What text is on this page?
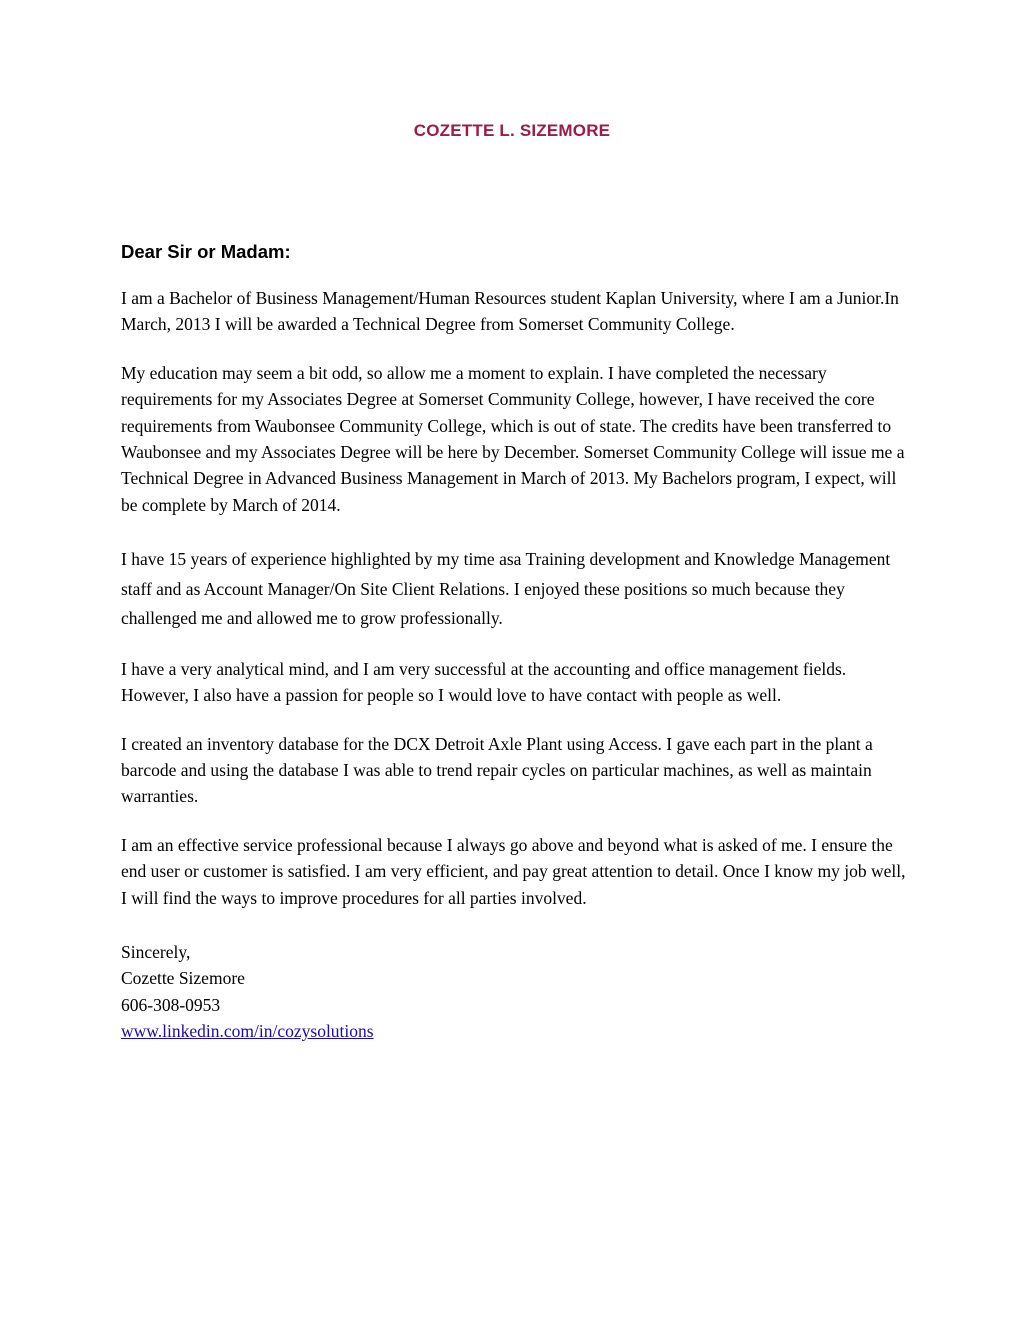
COZETTE L. SIZEMORE

Dear Sir or Madam:

I am a Bachelor of Business Management/Human Resources student Kaplan University, where I am a Junior.In March, 2013 I will be awarded a Technical Degree from Somerset Community College.

My education may seem a bit odd, so allow me a moment to explain. I have completed the necessary requirements for my Associates Degree at Somerset Community College, however, I have received the core requirements from Waubonsee Community College, which is out of state. The credits have been transferred to Waubonsee and my Associates Degree will be here by December. Somerset Community College will issue me a Technical Degree in Advanced Business Management in March of 2013. My Bachelors program, I expect, will be complete by March of 2014.

I have 15 years of experience highlighted by my time asa Training development and Knowledge Management staff and as Account Manager/On Site Client Relations. I enjoyed these positions so much because they challenged me and allowed me to grow professionally.

I have a very analytical mind, and I am very successful at the accounting and office management fields. However, I also have a passion for people so I would love to have contact with people as well.

I created an inventory database for the DCX Detroit Axle Plant using Access. I gave each part in the plant a barcode and using the database I was able to trend repair cycles on particular machines, as well as maintain warranties.

I am an effective service professional because I always go above and beyond what is asked of me. I ensure the end user or customer is satisfied. I am very efficient, and pay great attention to detail. Once I know my job well, I will find the ways to improve procedures for all parties involved.

Sincerely,
Cozette Sizemore
606-308-0953
www.linkedin.com/in/cozysolutions
